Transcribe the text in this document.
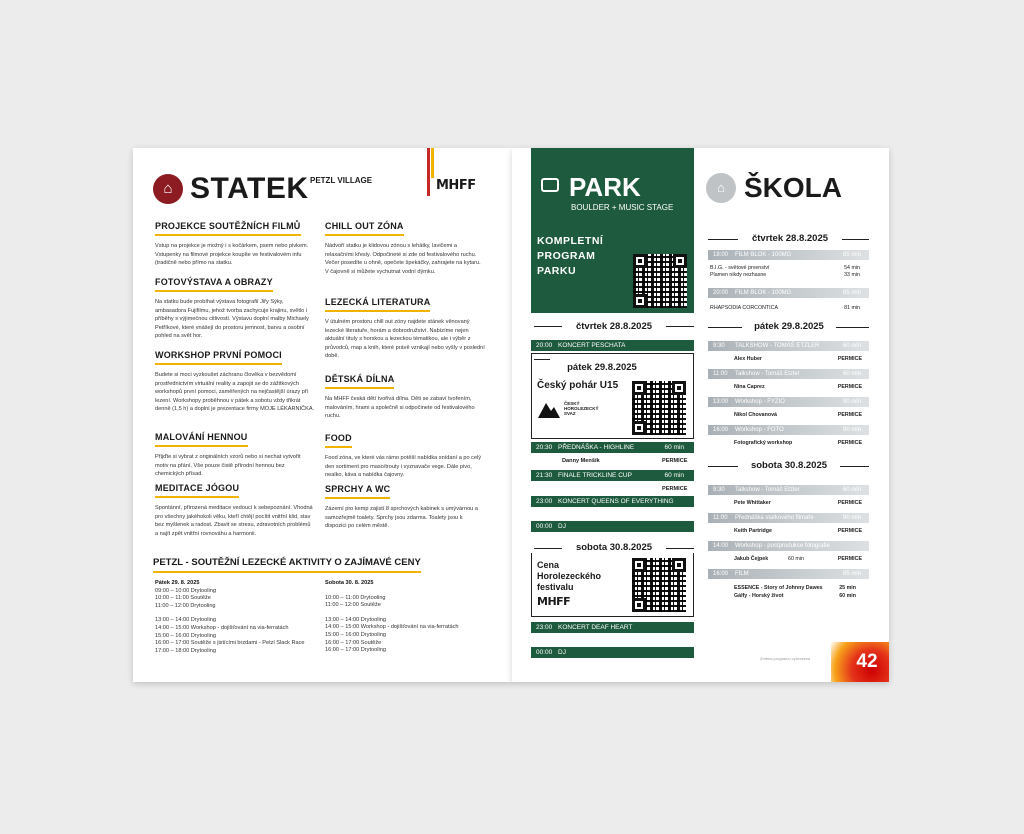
⌂ STATEK PETZL VILLAGE	MHFF
PROJEKCE SOUTĚŽNÍCH FILMŮ

Vstup na projekce je možný i s kočárkem, psem nebo pivkem. Vstupenky na filmové projekce koupíte ve festivalovém infu (tradičně nebo přímo na statku.

FOTOVÝSTAVA A OBRAZY

Na statku bude probíhat výstava fotografií Jiřy Sýky, ambasadora Fujifilmu, jehož tvorba zachycuje krajinu, světlo i příběhy s výjimečnou citlivostí. Výstavu doplní malby Michaely Petříkové, které vnášejí do prostoru jemnost, barvu a osobní pohled na svět hor.

WORKSHOP PRVNÍ POMOCI

Budete si moci vyzkoušet záchranu člověka v bezvědomí prostřednictvím virtuální reality a zapojit se do zážitkových workshopů první pomoci, zaměřených na nejčastější úrazy při lezení. Workshopy proběhnou v pátek a sobotu vždy třikrát denně (1,5 h) a doplní je prezentace firmy MOJE LÉKÁRNIČKA.

MALOVÁNÍ HENNOU

Přijďte si vybrat z originálních vzorů nebo si nechat vytvořit motiv na přání. Vše pouze čistě přírodní hennou bez chemických přísad.

MEDITACE JÓGOU

Spontánní, přirozená meditace vedoucí k sebepoznání. Vhodná pro všechny jakéhokoli věku, kteří chtějí pocítit vnitřní klid, stav bez myšlenek a radost. Zbavit se stresu, zdravotních problémů a najít zpět vnitřní rovnováhu a harmonii.

CHILL OUT ZÓNA

Nádvoří statku je klidovou zónou s lehátky, lavičemi a relaxačními křesly. Odpočineté si zde od festivalového ruchu. Večer posedíte u ohně, opečete špekáčky, zahrajete na kytaru. V čajovně si můžete vychutnat vodní dýmku.

LEZECKÁ LITERATURA

V útulném prostoru chill out zóny najdete stánek věnovaný lezecké literatuře, horám a dobrodružství. Nabízíme nejen aktuální tituly s horskou a lezeckou tématikou, ale i výběr z průvodců, map a knih, které právě vznikají nebo vyšly v poslední době.

DĚTSKÁ DÍLNA

Na MHFF česká dětí tvořivá dílna. Děti se zabaví tvořením, malováním, hrami a společně si odpočinete od festivalového ruchu.

FOOD

Food zóna, ve které vás rámo potěší nabídka snídaní a po celý den sortiment pro maso/trouty i vyznavače vege. Dále pivo, nealko, káva a nabídka čajovny.

SPRCHY A WC

Zázemí pro kemp zajistí 8 sprchových kabinek s umývárnou a samozřejmě toalety. Sprchy jsou zdarma. Toalety jsou k dispozici po celém městě.

PETZL - SOUTĚŽNÍ LEZECKÉ AKTIVITY O ZAJÍMAVÉ CENY
Pátek 29. 8. 2025
09:00 – 10:00 Drytooling
10:00 – 11:00 Soutěže
11:00 – 12:00 Drytooling
13:00 – 14:00 Drytooling
14:00 – 15:00 Workshop - dojišťování na via-ferratách
15:00 – 16:00 Drytooling
16:00 – 17:00 Soutěže s jistícími brzdami - Petzl Slack Race
17:00 – 18:00 Drytooling
Sobota 30. 8. 2025
10:00 – 11:00 Drytooling
11:00 – 12:00 Soutěže
13:00 – 14:00 Drytooling
14:00 – 15:00 Workshop - dojišťování na via-ferratách
15:00 – 16:00 Drytooling
16:00 – 17:00 Soutěže
16:00 – 17:00 Drytooling
PARK
BOULDER + MUSIC STAGE
KOMPLETNÍ
PROGRAM
PARKU
čtvrtek 28.8.2025
20:00 KONCERT PESCHATA
pátek 29.8.2025
Český pohár U15
ČESKÝ HOROLEZECKÝ SVAZ
20:30 PŘEDNÁŠKA - HIGHLINE	60 min
Danny Menšík	PERMICE
21:30 FINALE TRICKLINE CUP	60 min
PERMICE
23:00 KONCERT QUEENS OF EVERYTHING
00:00 DJ
sobota 30.8.2025
Cena
Horolezeckého
festivalu
MHFF
23:00 KONCERT DEAF HEART
00:00 DJ
⌂ ŠKOLA
čtvrtek 28.8.2025
18:00 FILM BLOK - 100MG	85 min
B.I.G. - světové prvenství	54 min
Plamen nikdy nezhasne	33 min
20:00 FILM BLOK - 100MG	85 min
RHAPSODIA CORCONTICA	81 min
pátek 29.8.2025
9:30 TALKSHOW - TOMÁŠ ETZLER	60 min
Alex Huber	PERMICE
11:00 Talkshow - Tomáš Etzler	60 min
Nina Caprez	PERMICE
13:00 Workshop - FYZIO	90 min
Nikol Chovanová	PERMICE
16:00 Workshop - FOTO	90 min
Fotografický workshop	PERMICE
sobota 30.8.2025
9:30 Talkshow - Tomáš Etzler	60 min
Pete Whittaker	PERMICE
11:00 Přednáška stalkového filmaře	90 min
Keith Partridge	PERMICE
14:00 Workshop - postprodukce fotografie
Jakub Čejpek	60 min	PERMICE
16:00 FILM	85 min
ESSENCE - Story of Johnny Dawes	25 min
Gálfy - Horský život	60 min
Změna programu vyhrazena	42
